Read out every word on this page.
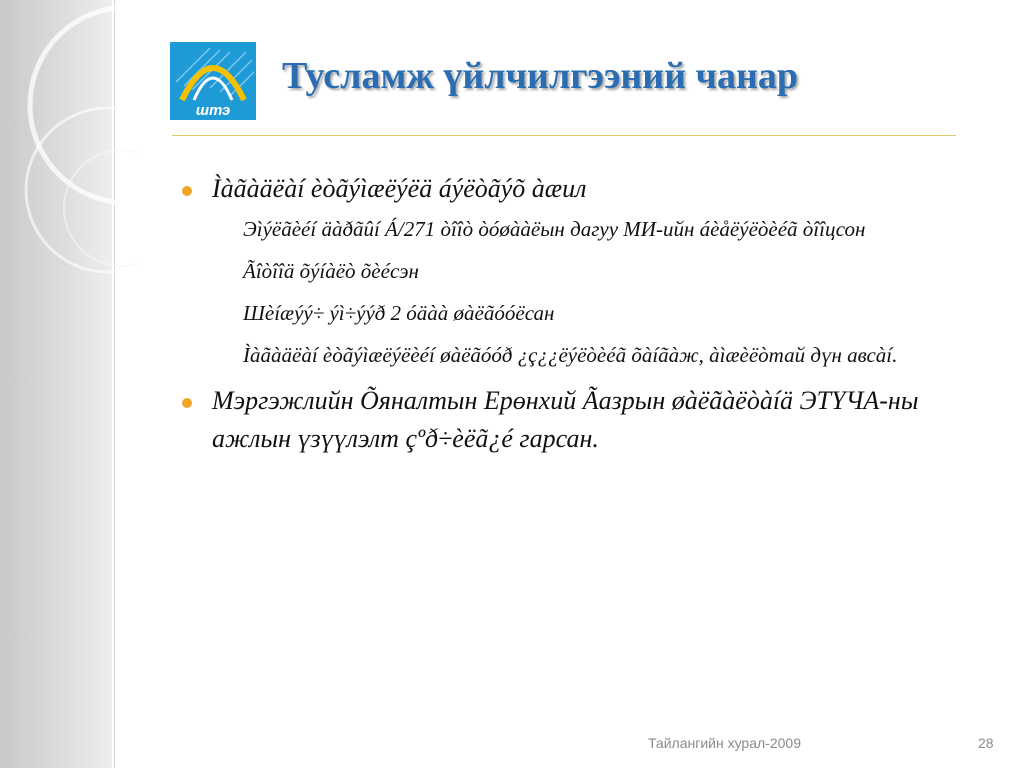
штэ
Тусламж үйлчилгээний чанар
Ìàãàäëàí èòãýìæëýëä áýëòãýõ àæил
Эìýëãèéí äàðãûí Á/271 òîîò òóøààëын дагуу МИ-ийн áèåëýëòèéã òîîцсон
Ãîòîîä õýíàëò õèéсэн
Шèíæýý÷ ýì÷ýýð 2 óäàà øàëãóóëсан
Ìàãàäëàí èòãýìæëýëèéí øàëãóóð ¿ç¿¿ëýëòèéã õàíãàж, àìæèëòтай дүн авсàí.
Мэргэжлийн Õяналтын Ерөнхий Ãазрын øàëãàëòàíä ЭТҮЧА-ны ажлын үзүүлэлт çºð÷èëã¿é гарсан.
Тайлангийн хурал-2009	28
